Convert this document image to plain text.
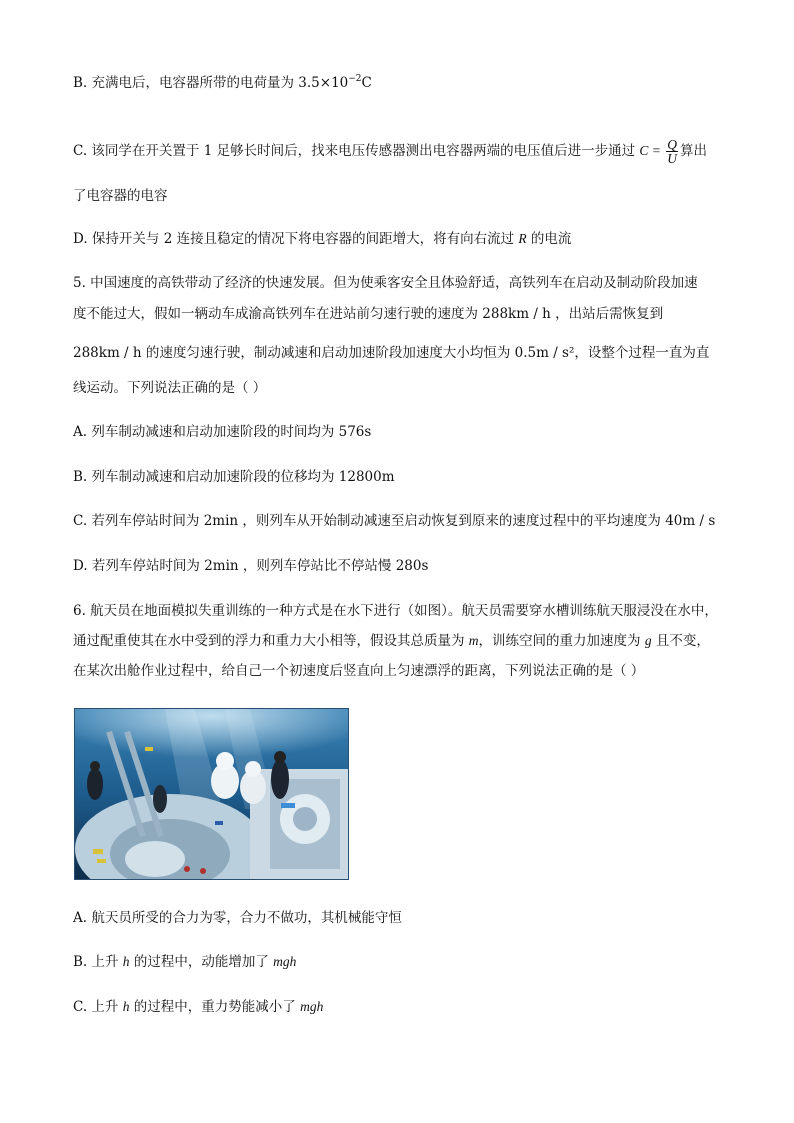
B. 充满电后，电容器所带的电荷量为 $3.5\times 10^{-2}C$
C. 该同学在开关置于 1 足够长时间后，找来电压传感器测出电容器两端的电压值后进一步通过 $C = \frac{Q}{U}$ 算出
了电容器的电容
D. 保持开关与 2 连接且稳定的情况下将电容器的间距增大，将有向右流过 R 的电流
5. 中国速度的高铁带动了经济的快速发展。但为使乘客安全且体验舒适，高铁列车在启动及制动阶段加速
度不能过大，假如一辆动车成渝高铁列车在进站前匀速行驶的速度为 288km / h ，出站后需恢复到
288km / h 的速度匀速行驶，制动减速和启动加速阶段加速度大小均恒为 0.5m / s²，设整个过程一直为直
线运动。下列说法正确的是（ ）
A. 列车制动减速和启动加速阶段的时间均为 576s
B. 列车制动减速和启动加速阶段的位移均为 12800m
C. 若列车停站时间为 2min ，则列车从开始制动减速至启动恢复到原来的速度过程中的平均速度为 40m / s
D. 若列车停站时间为 2min ，则列车停站比不停站慢 280s
6. 航天员在地面模拟失重训练的一种方式是在水下进行（如图）。航天员需要穿水槽训练航天服浸没在水中，
通过配重使其在水中受到的浮力和重力大小相等，假设其总质量为 m，训练空间的重力加速度为 g 且不变，
在某次出舱作业过程中，给自己一个初速度后竖直向上匀速漂浮的距离，下列说法正确的是（ ）
A. 航天员所受的合力为零，合力不做功，其机械能守恒
B. 上升 h 的过程中，动能增加了 mgh
C. 上升 h 的过程中，重力势能减小了 mgh
